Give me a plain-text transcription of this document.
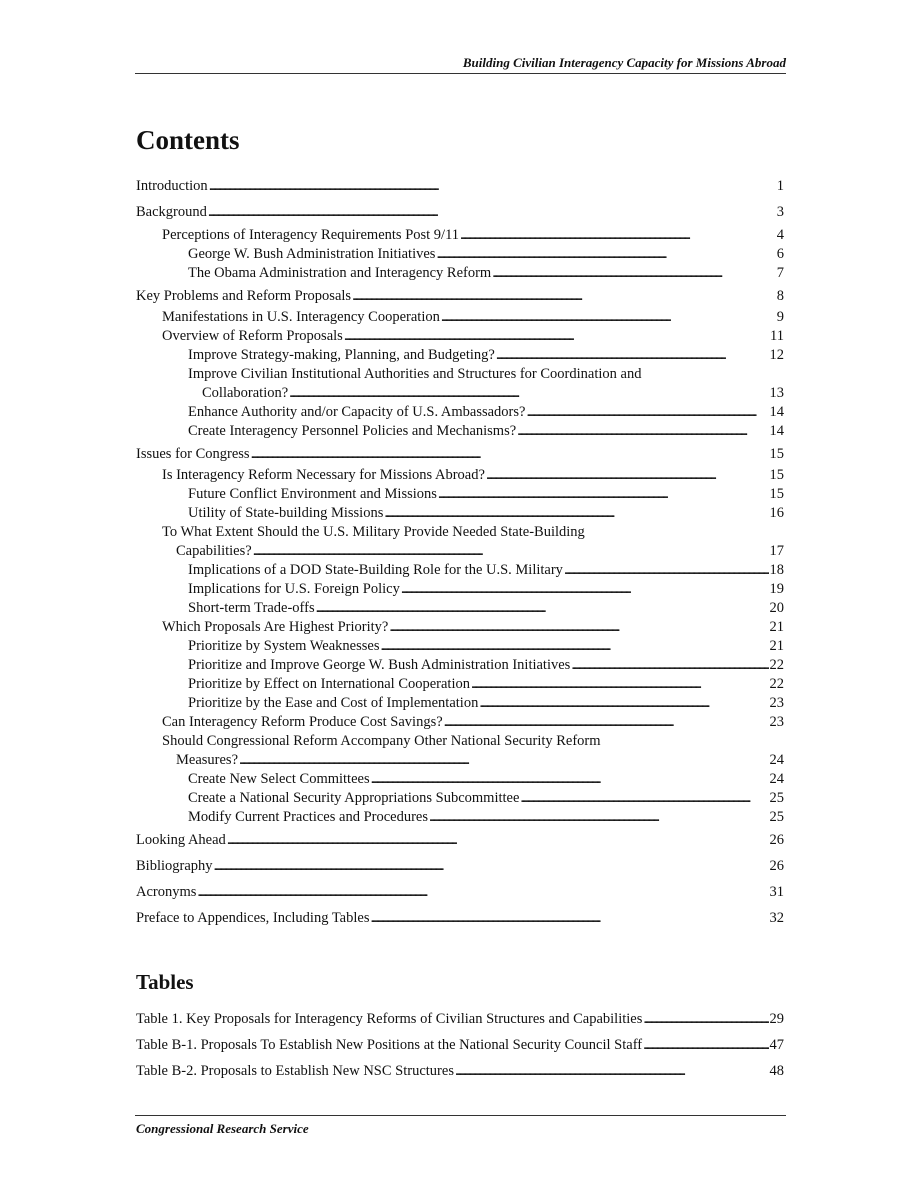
Building Civilian Interagency Capacity for Missions Abroad
Contents
Introduction . . .	1
Background . . .	3
Perceptions of Interagency Requirements Post 9/11 . . .	4
George W. Bush Administration Initiatives . . .	6
The Obama Administration and Interagency Reform . . .	7
Key Problems and Reform Proposals . . .	8
Manifestations in U.S. Interagency Cooperation . . .	9
Overview of Reform Proposals . . .	11
Improve Strategy-making, Planning, and Budgeting? . . .	12
Improve Civilian Institutional Authorities and Structures for Coordination and
Collaboration? . . .	13
Enhance Authority and/or Capacity of U.S. Ambassadors? . . .	14
Create Interagency Personnel Policies and Mechanisms? . . .	14
Issues for Congress . . .	15
Is Interagency Reform Necessary for Missions Abroad? . . .	15
Future Conflict Environment and Missions . . .	15
Utility of State-building Missions . . .	16
To What Extent Should the U.S. Military Provide Needed State-Building
Capabilities? . . .	17
Implications of a DOD State-Building Role for the U.S. Military . . .	18
Implications for U.S. Foreign Policy . . .	19
Short-term Trade-offs . . .	20
Which Proposals Are Highest Priority? . . .	21
Prioritize by System Weaknesses . . .	21
Prioritize and Improve George W. Bush Administration Initiatives . . .	22
Prioritize by Effect on International Cooperation . . .	22
Prioritize by the Ease and Cost of Implementation . . .	23
Can Interagency Reform Produce Cost Savings? . . .	23
Should Congressional Reform Accompany Other National Security Reform
Measures? . . .	24
Create New Select Committees . . .	24
Create a National Security Appropriations Subcommittee . . .	25
Modify Current Practices and Procedures . . .	25
Looking Ahead . . .	26
Bibliography . . .	26
Acronyms . . .	31
Preface to Appendices, Including Tables . . .	32
Tables
Table 1. Key Proposals for Interagency Reforms of Civilian Structures and Capabilities . . .	29
Table B-1. Proposals To Establish New Positions at the National Security Council Staff . . .	47
Table B-2. Proposals to Establish New NSC Structures . . .	48
Congressional Research Service
